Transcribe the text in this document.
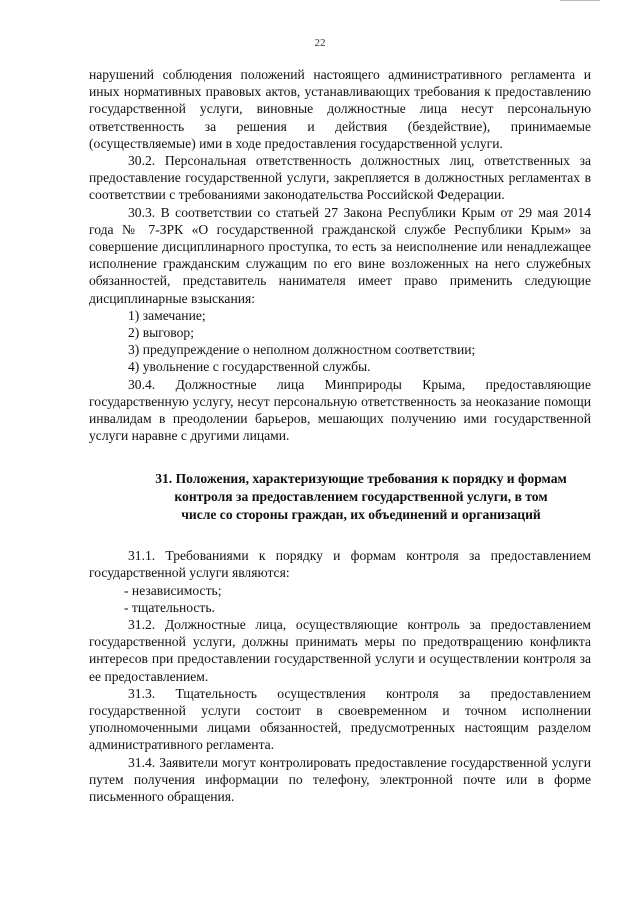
22

нарушений соблюдения положений настоящего административного регламента и иных нормативных правовых актов, устанавливающих требования к предоставлению государственной услуги, виновные должностные лица несут персональную ответственность за решения и действия (бездействие), принимаемые (осуществляемые) ими в ходе предоставления государственной услуги.

30.2. Персональная ответственность должностных лиц, ответственных за предоставление государственной услуги, закрепляется в должностных регламентах в соответствии с требованиями законодательства Российской Федерации.

30.3. В соответствии со статьей 27 Закона Республики Крым от 29 мая 2014 года № 7-ЗРК «О государственной гражданской службе Республики Крым» за совершение дисциплинарного проступка, то есть за неисполнение или ненадлежащее исполнение гражданским служащим по его вине возложенных на него служебных обязанностей, представитель нанимателя имеет право применить следующие дисциплинарные взыскания:

1) замечание;

2) выговор;

3) предупреждение о неполном должностном соответствии;

4) увольнение с государственной службы.

30.4. Должностные лица Минприроды Крыма, предоставляющие государственную услугу, несут персональную ответственность за неоказание помощи инвалидам в преодолении барьеров, мешающих получению ими государственной услуги наравне с другими лицами.

31. Положения, характеризующие требования к порядку и формам
контроля за предоставлением государственной услуги, в том
числе со стороны граждан, их объединений и организаций

31.1. Требованиями к порядку и формам контроля за предоставлением государственной услуги являются:

- независимость;

- тщательность.

31.2. Должностные лица, осуществляющие контроль за предоставлением государственной услуги, должны принимать меры по предотвращению конфликта интересов при предоставлении государственной услуги и осуществлении контроля за ее предоставлением.

31.3. Тщательность осуществления контроля за предоставлением государственной услуги состоит в своевременном и точном исполнении уполномоченными лицами обязанностей, предусмотренных настоящим разделом административного регламента.

31.4. Заявители могут контролировать предоставление государственной услуги путем получения информации по телефону, электронной почте или в форме письменного обращения.
